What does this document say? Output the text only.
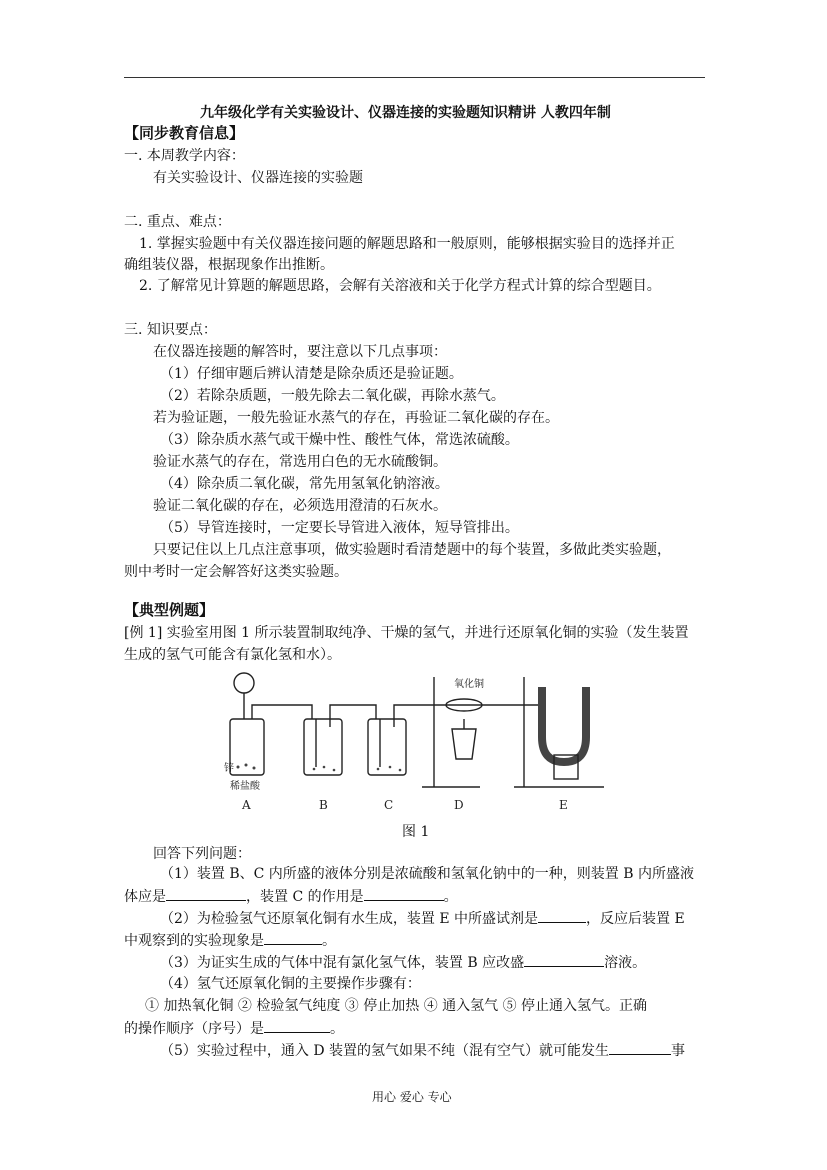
九年级化学有关实验设计、仪器连接的实验题知识精讲 人教四年制
【同步教育信息】
一. 本周教学内容：
有关实验设计、仪器连接的实验题
二. 重点、难点：
1. 掌握实验题中有关仪器连接问题的解题思路和一般原则，能够根据实验目的选择并正
确组装仪器，根据现象作出推断。
2. 了解常见计算题的解题思路，会解有关溶液和关于化学方程式计算的综合型题目。
三. 知识要点：
在仪器连接题的解答时，要注意以下几点事项：
（1）仔细审题后辨认清楚是除杂质还是验证题。
（2）若除杂质题，一般先除去二氧化碳，再除水蒸气。
若为验证题，一般先验证水蒸气的存在，再验证二氧化碳的存在。
（3）除杂质水蒸气或干燥中性、酸性气体，常选浓硫酸。
验证水蒸气的存在，常选用白色的无水硫酸铜。
（4）除杂质二氧化碳，常先用氢氧化钠溶液。
验证二氧化碳的存在，必须选用澄清的石灰水。
（5）导管连接时，一定要长导管进入液体，短导管排出。
只要记住以上几点注意事项，做实验题时看清楚题中的每个装置，多做此类实验题，
则中考时一定会解答好这类实验题。
【典型例题】
[例 1] 实验室用图 1 所示装置制取纯净、干燥的氢气，并进行还原氧化铜的实验（发生装置
生成的氢气可能含有氯化氢和水）。
锌
稀盐酸
氧化铜
A	B	C	D	E
图 1
回答下列问题：
（1）装置 B、C 内所盛的液体分别是浓硫酸和氢氧化钠中的一种，则装置 B 内所盛液
体应是	，装置 C 的作用是	。
（2）为检验氢气还原氧化铜有水生成，装置 E 中所盛试剂是	，反应后装置 E
中观察到的实验现象是	。
（3）为证实生成的气体中混有氯化氢气体，装置 B 应改盛	溶液。
（4）氢气还原氧化铜的主要操作步骤有：
① 加热氧化铜 ② 检验氢气纯度 ③ 停止加热 ④ 通入氢气 ⑤ 停止通入氢气。正确
的操作顺序（序号）是	。
（5）实验过程中，通入 D 装置的氢气如果不纯（混有空气）就可能发生	事
用心 爱心 专心
